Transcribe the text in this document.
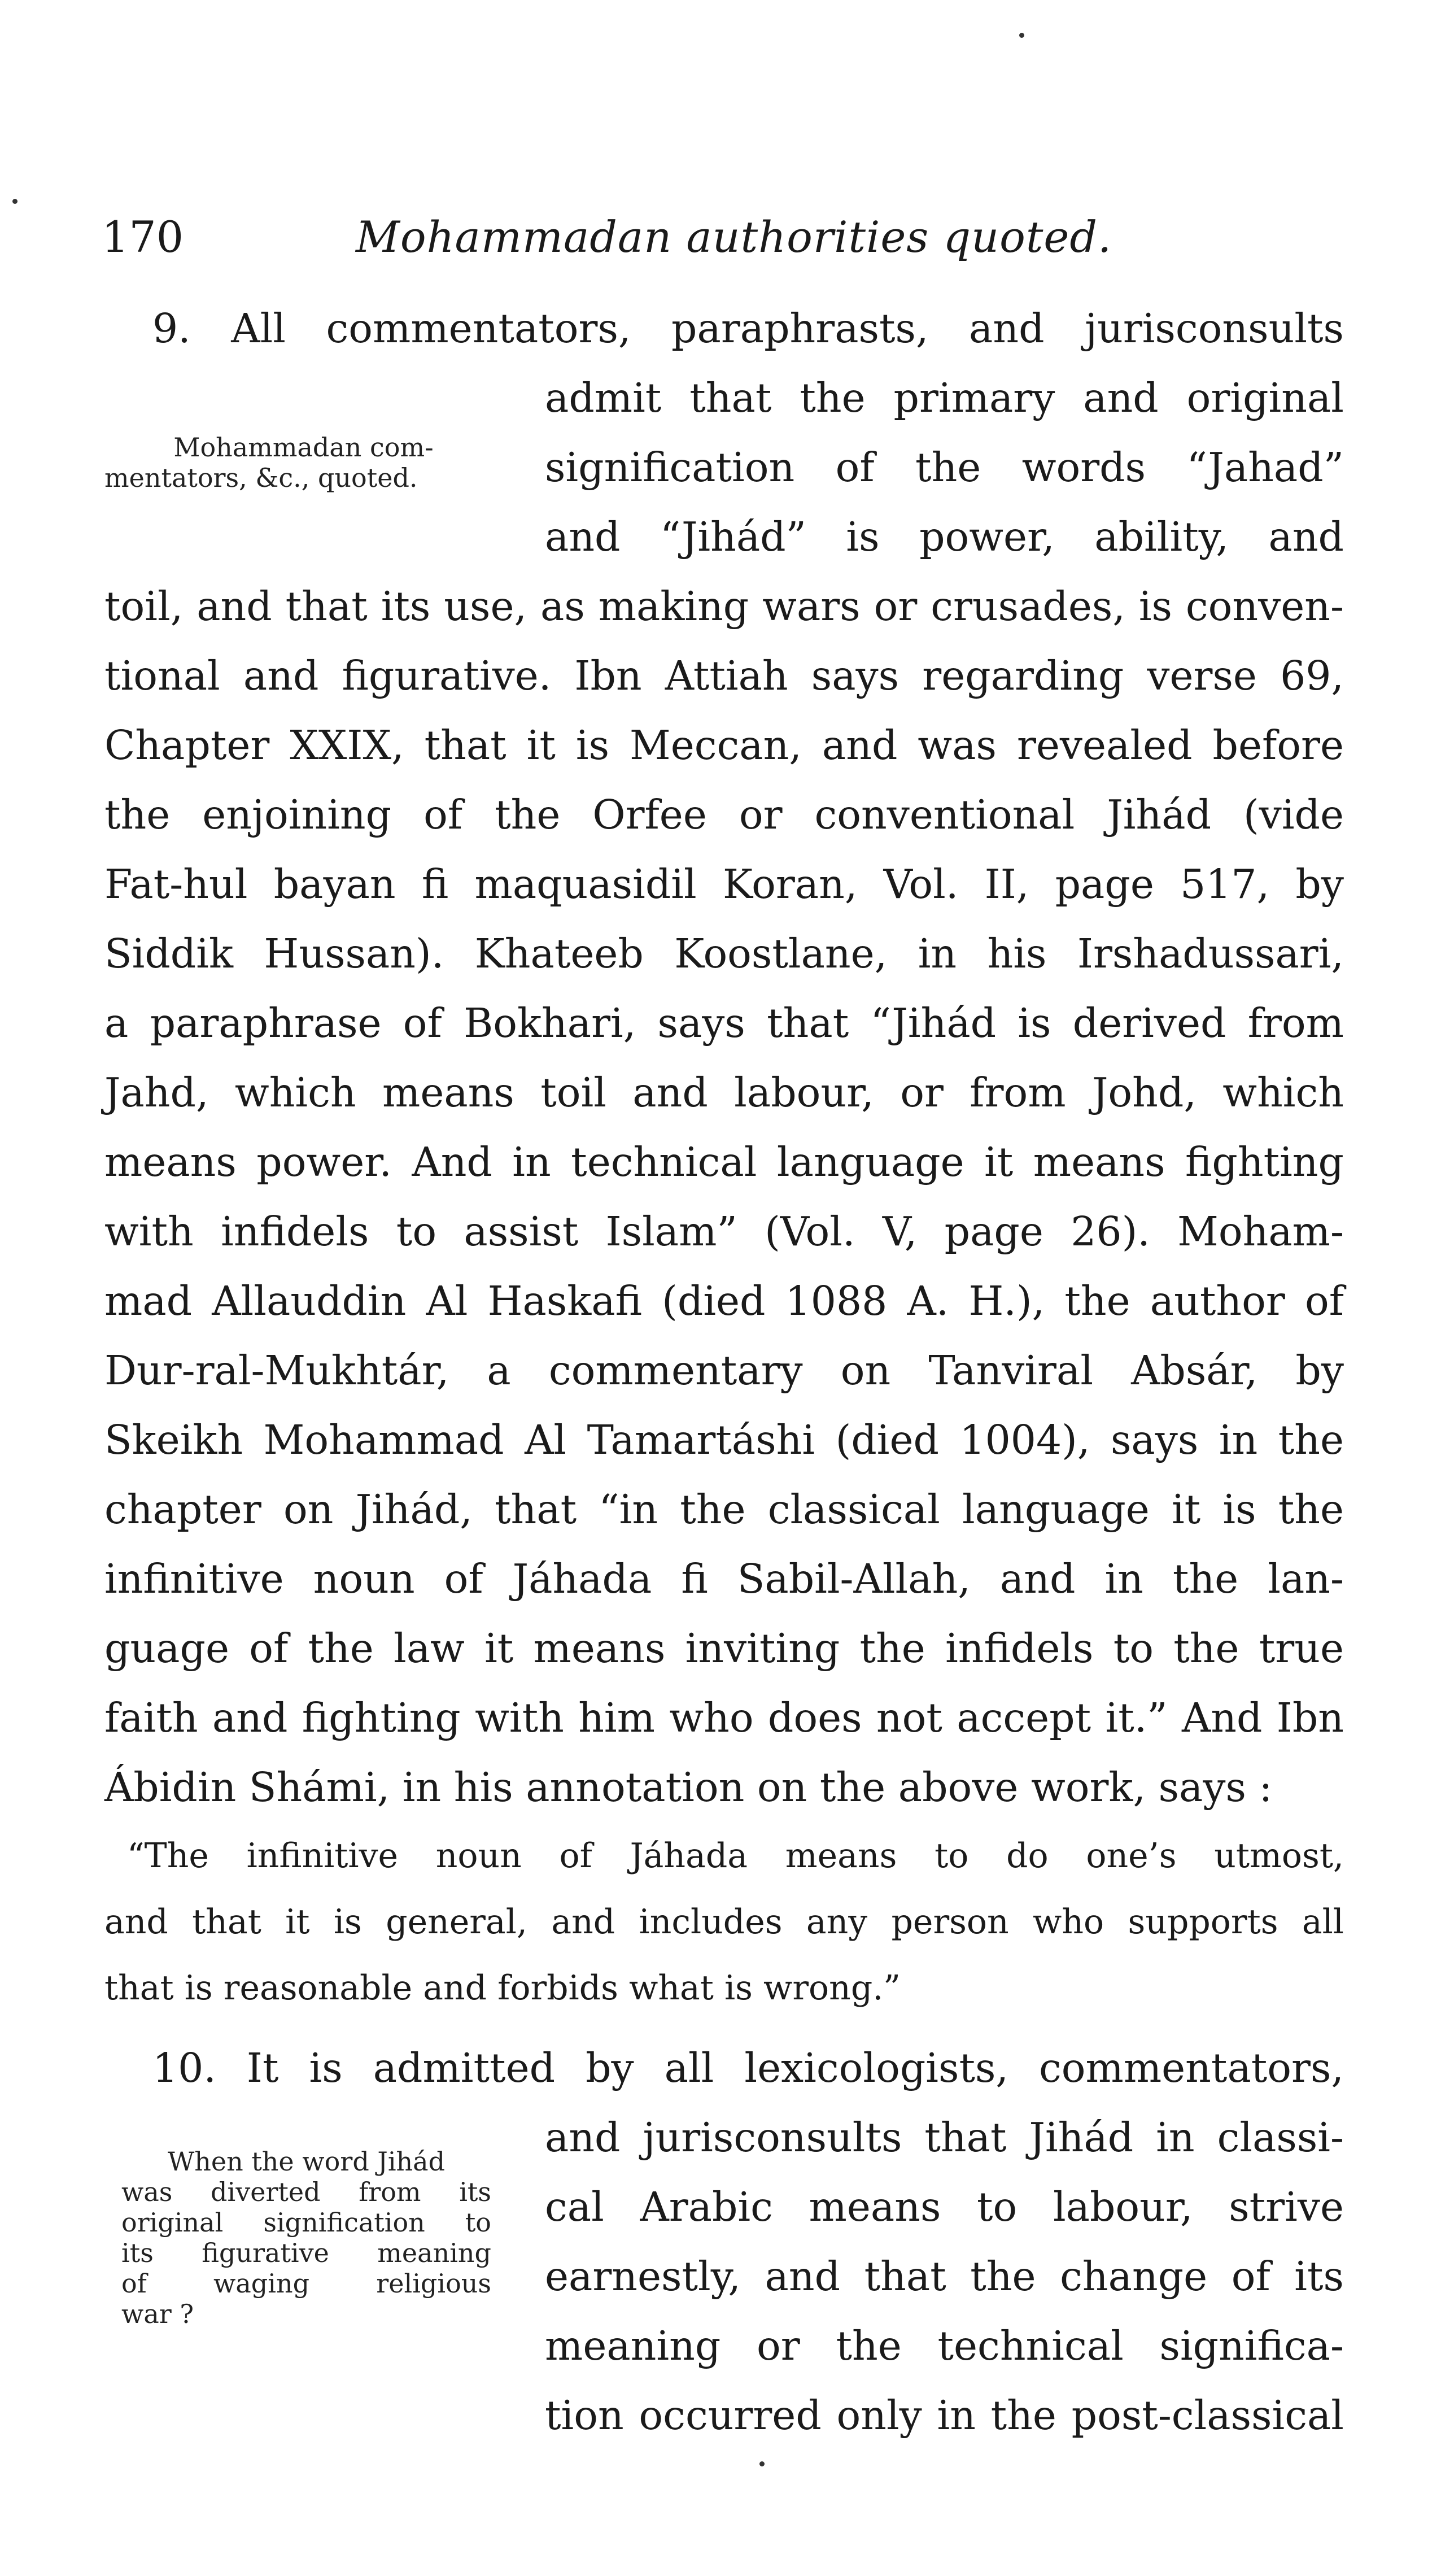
170	Mohammadan authorities quoted.
9. All commentators, paraphrasts, and jurisconsults
admit that the primary and original
signification of the words “Jahad”
and “Jihád” is power, ability, and
toil, and that its use, as making wars or crusades, is conven-
tional and figurative. Ibn Attiah says regarding verse 69,
Chapter XXIX, that it is Meccan, and was revealed before
the enjoining of the Orfee or conventional Jihád (vide
Fat-hul bayan fi maquasidil Koran, Vol. II, page 517, by
Siddik Hussan). Khateeb Koostlane, in his Irshadussari,
a paraphrase of Bokhari, says that “Jihád is derived from
Jahd, which means toil and labour, or from Johd, which
means power. And in technical language it means fighting
with infidels to assist Islam” (Vol. V, page 26). Moham-
mad Allauddin Al Haskafi (died 1088 A. H.), the author of
Dur-ral-Mukhtár, a commentary on Tanviral Absár, by
Skeikh Mohammad Al Tamartáshi (died 1004), says in the
chapter on Jihád, that “in the classical language it is the
infinitive noun of Jáhada fi Sabil-Allah, and in the lan-
guage of the law it means inviting the infidels to the true
faith and fighting with him who does not accept it.” And Ibn
Ábidin Shámi, in his annotation on the above work, says :
Mohammadan com-
mentators, &c., quoted.
“The infinitive noun of Jáhada means to do one’s utmost,
and that it is general, and includes any person who supports all
that is reasonable and forbids what is wrong.”
10. It is admitted by all lexicologists, commentators,
and jurisconsults that Jihád in classi-
cal Arabic means to labour, strive
earnestly, and that the change of its
meaning or the technical significa-
tion occurred only in the post-classical
When the word Jihád
was diverted from its
original signification to
its figurative meaning
of waging religious
war ?
